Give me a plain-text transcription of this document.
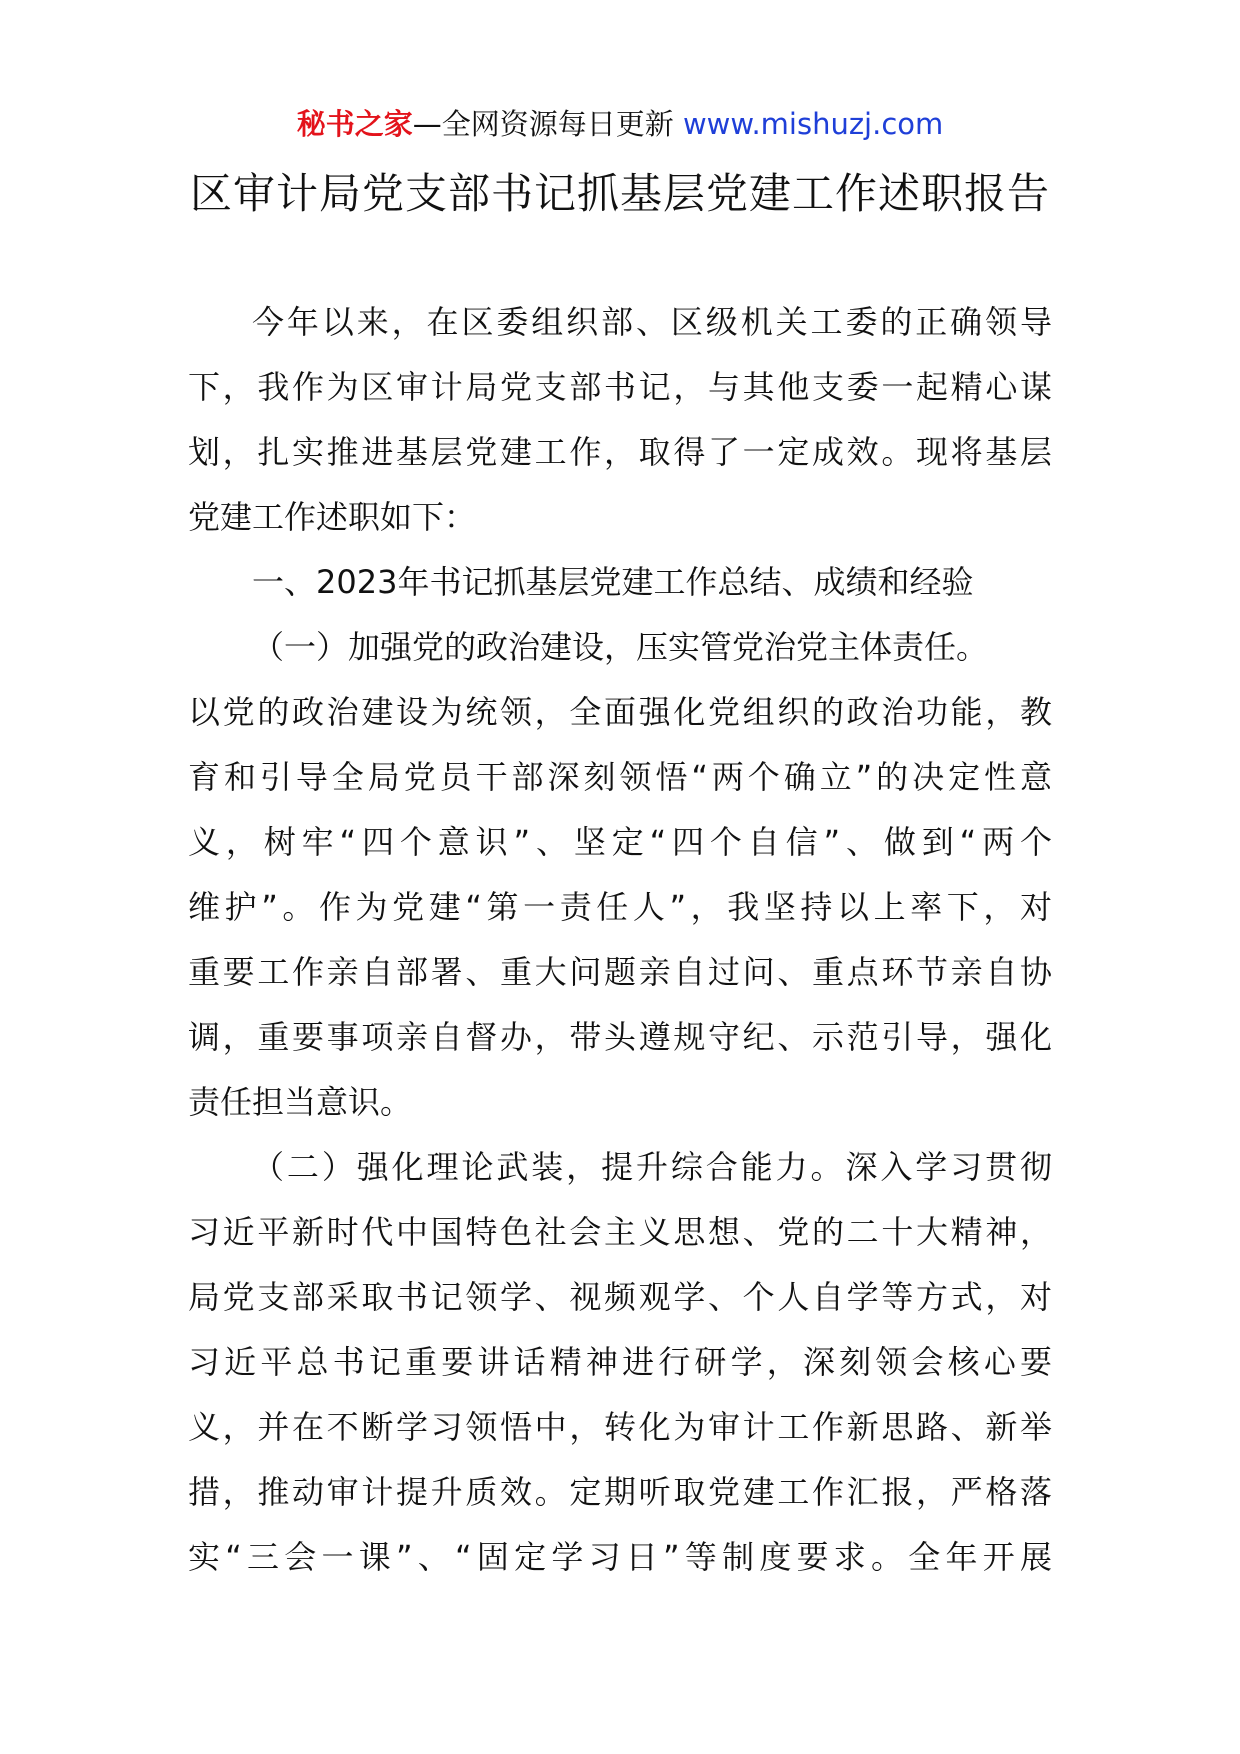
秘书之家—全网资源每日更新 www.mishuzj.com
区审计局党支部书记抓基层党建工作述职报告
今年以来，在区委组织部、区级机关工委的正确领导
下，我作为区审计局党支部书记，与其他支委一起精心谋
划，扎实推进基层党建工作，取得了一定成效。现将基层
党建工作述职如下：
一、2023年书记抓基层党建工作总结、成绩和经验
（一）加强党的政治建设，压实管党治党主体责任。
以党的政治建设为统领，全面强化党组织的政治功能，教
育和引导全局党员干部深刻领悟“两个确立”的决定性意
义，树牢“四个意识”、坚定“四个自信”、做到“两个
维护”。作为党建“第一责任人”，我坚持以上率下，对
重要工作亲自部署、重大问题亲自过问、重点环节亲自协
调，重要事项亲自督办，带头遵规守纪、示范引导，强化
责任担当意识。
（二）强化理论武装，提升综合能力。深入学习贯彻
习近平新时代中国特色社会主义思想、党的二十大精神，
局党支部采取书记领学、视频观学、个人自学等方式，对
习近平总书记重要讲话精神进行研学，深刻领会核心要
义，并在不断学习领悟中，转化为审计工作新思路、新举
措，推动审计提升质效。定期听取党建工作汇报，严格落
实“三会一课”、“固定学习日”等制度要求。全年开展
